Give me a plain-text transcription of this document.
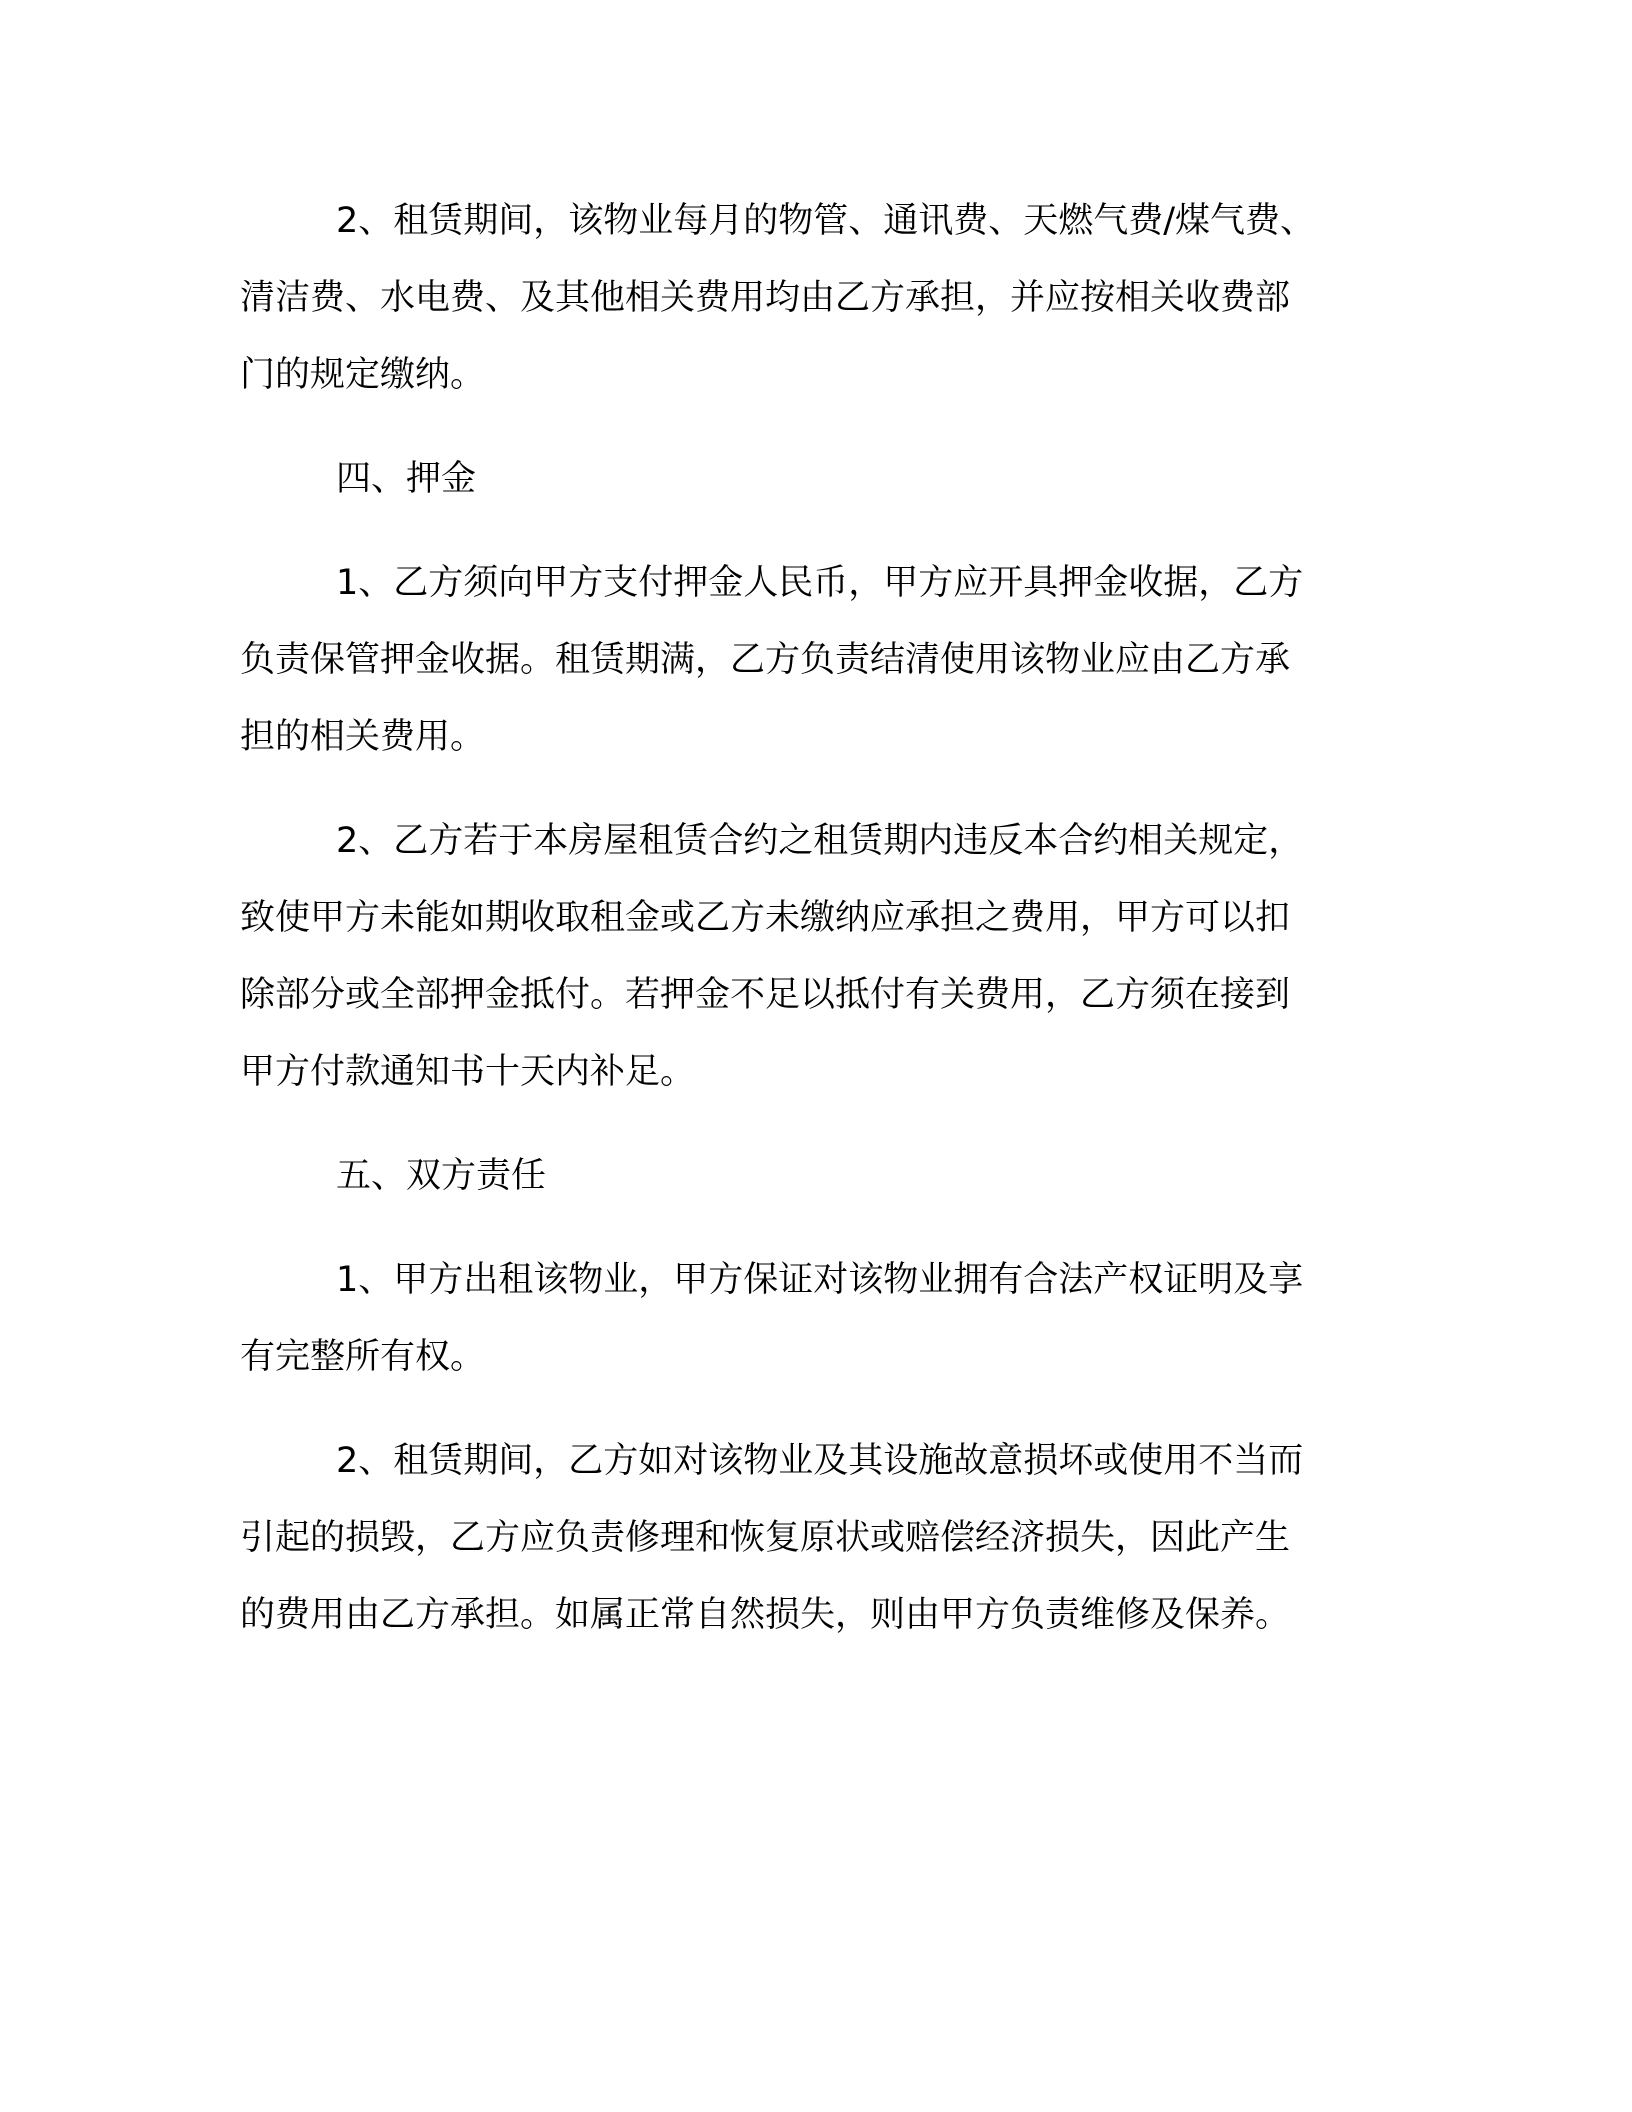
2、租赁期间，该物业每月的物管、通讯费、天燃气费/煤气费、
清洁费、水电费、及其他相关费用均由乙方承担，并应按相关收费部
门的规定缴纳。
四、押金
1、乙方须向甲方支付押金人民币，甲方应开具押金收据，乙方
负责保管押金收据。租赁期满，乙方负责结清使用该物业应由乙方承
担的相关费用。
2、乙方若于本房屋租赁合约之租赁期内违反本合约相关规定，
致使甲方未能如期收取租金或乙方未缴纳应承担之费用，甲方可以扣
除部分或全部押金抵付。若押金不足以抵付有关费用，乙方须在接到
甲方付款通知书十天内补足。
五、双方责任
1、甲方出租该物业，甲方保证对该物业拥有合法产权证明及享
有完整所有权。
2、租赁期间，乙方如对该物业及其设施故意损坏或使用不当而
引起的损毁，乙方应负责修理和恢复原状或赔偿经济损失，因此产生
的费用由乙方承担。如属正常自然损失，则由甲方负责维修及保养。
